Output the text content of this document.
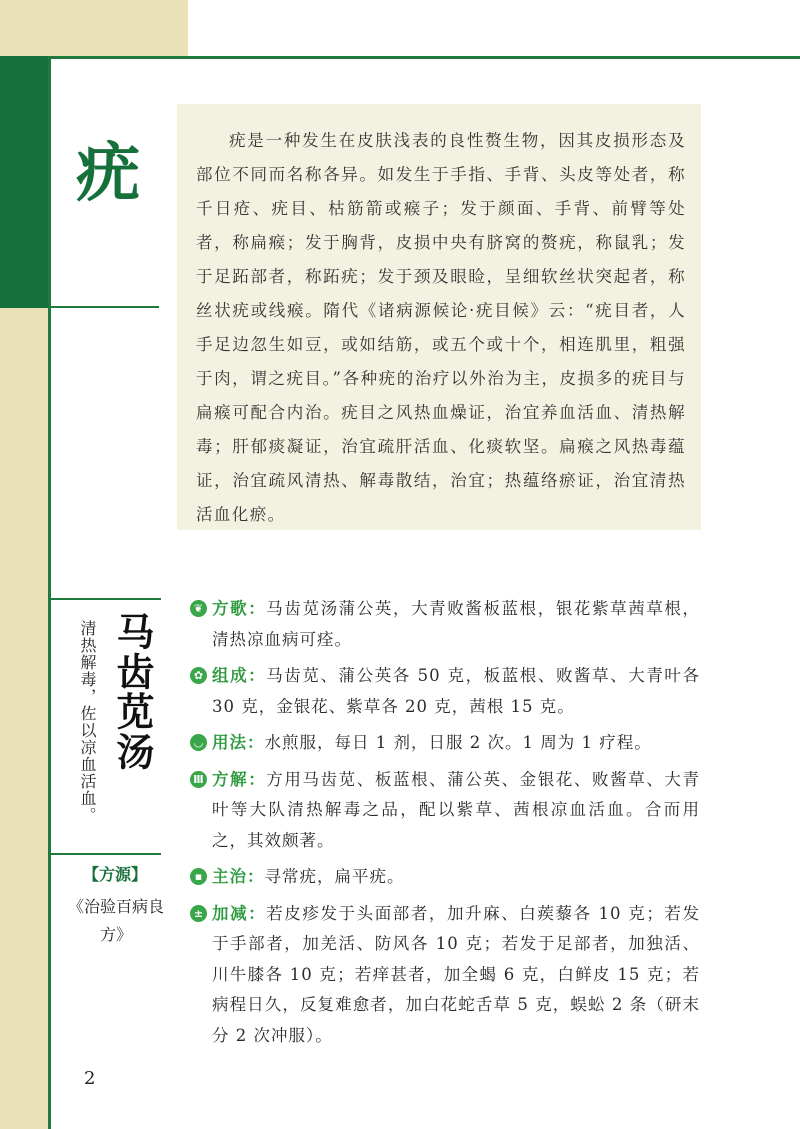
疣	疣是一种发生在皮肤浅表的良性赘生物，因其皮损形态及部位不同而名称各异。如发生于手指、手背、头皮等处者，称千日疮、疣目、枯筋箭或瘊子；发于颜面、手背、前臂等处者，称扁瘊；发于胸背，皮损中央有脐窝的赘疣，称鼠乳；发于足跖部者，称跖疣；发于颈及眼睑，呈细软丝状突起者，称丝状疣或线瘊。隋代《诸病源候论·疣目候》云：“疣目者，人手足边忽生如豆，或如结筋，或五个或十个，相连肌里，粗强于肉，谓之疣目。”各种疣的治疗以外治为主，皮损多的疣目与扁瘊可配合内治。疣目之风热血燥证，治宜养血活血、清热解毒；肝郁痰凝证，治宜疏肝活血、化痰软坚。扁瘊之风热毒蕴证，治宜疏风清热、解毒散结，治宜；热蕴络瘀证，治宜清热活血化瘀。
马齿苋汤
清热解毒，佐以凉血活血。
【方源】
《治验百病良方》
❦ 方歌：马齿苋汤蒲公英，大青败酱板蓝根，银花紫草茜草根，清热凉血病可痊。
✿ 组成：马齿苋、蒲公英各 50 克，板蓝根、败酱草、大青叶各 30 克，金银花、紫草各 20 克，茜根 15 克。
◡ 用法：水煎服，每日 1 剂，日服 2 次。1 周为 1 疗程。
Ⅲ 方解：方用马齿苋、板蓝根、蒲公英、金银花、败酱草、大青叶等大队清热解毒之品，配以紫草、茜根凉血活血。合而用之，其效颇著。
▪ 主治：寻常疣，扁平疣。
± 加减：若皮疹发于头面部者，加升麻、白蒺藜各 10 克；若发于手部者，加羌活、防风各 10 克；若发于足部者，加独活、川牛膝各 10 克；若痒甚者，加全蝎 6 克，白鲜皮 15 克；若病程日久，反复难愈者，加白花蛇舌草 5 克，蜈蚣 2 条（研末分 2 次冲服）。
2
